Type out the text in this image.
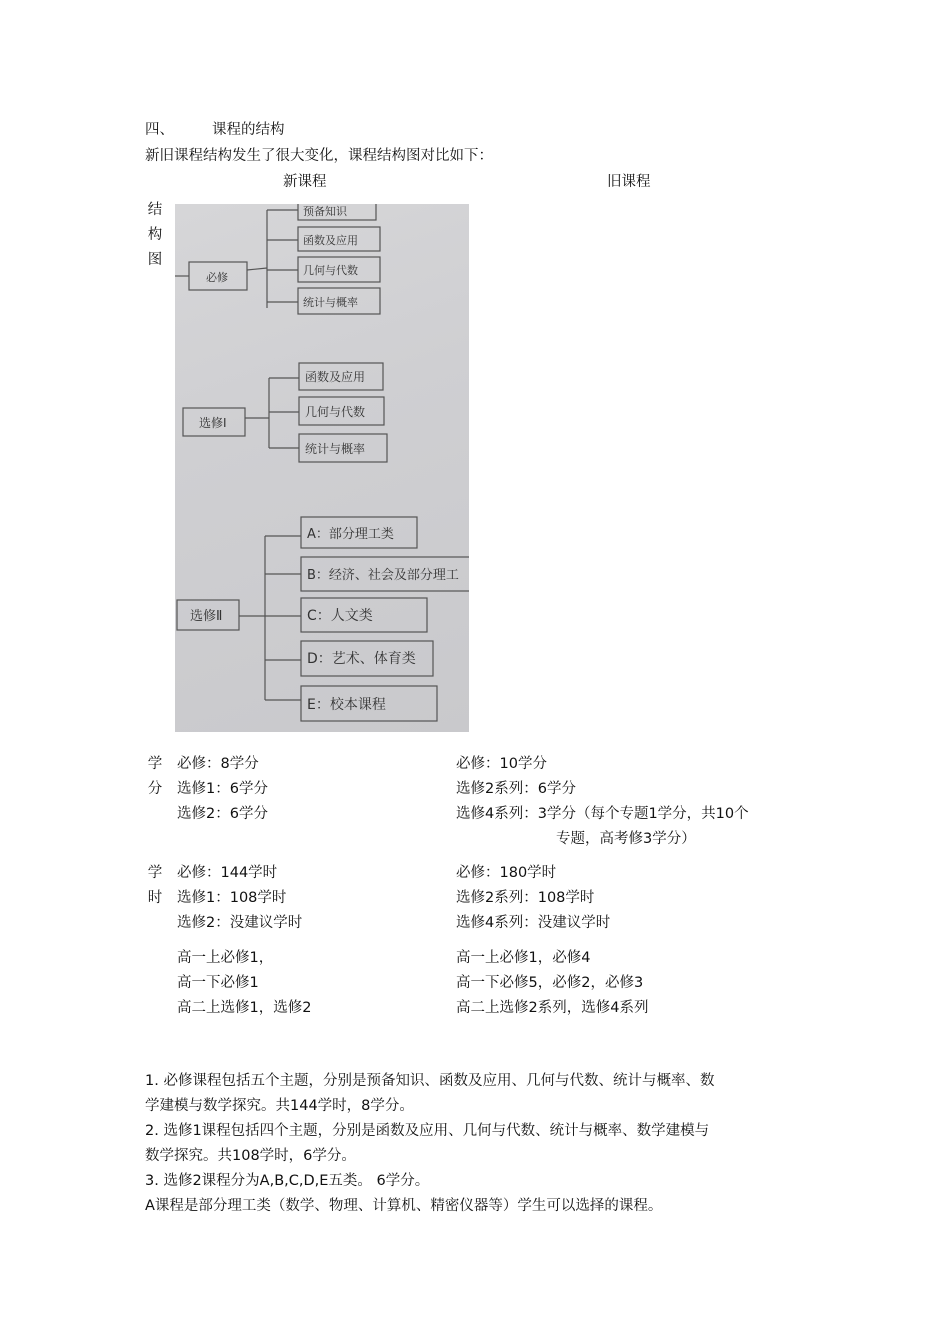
四、	课程的结构
新旧课程结构发生了很大变化，课程结构图对比如下：
新课程	旧课程
结
构
图
必修
预备知识
函数及应用
几何与代数
统计与概率
选修Ⅰ
函数及应用
几何与代数
统计与概率
选修Ⅱ
A：部分理工类
B：经济、社会及部分理工
C：人文类
D：艺术、体育类
E：校本课程
学
分
必修：8学分
选修1：6学分
选修2：6学分
必修：10学分
选修2系列：6学分
选修4系列：3学分（每个专题1学分，共10个
专题，高考修3学分）
学
时
必修：144学时
选修1：108学时
选修2：没建议学时
必修：180学时
选修2系列：108学时
选修4系列：没建议学时
高一上必修1，
高一下必修1
高二上选修1，选修2
高一上必修1，必修4
高一下必修5，必修2，必修3
高二上选修2系列，选修4系列
1. 必修课程包括五个主题，分别是预备知识、函数及应用、几何与代数、统计与概率、数
学建模与数学探究。共144学时，8学分。
2. 选修1课程包括四个主题，分别是函数及应用、几何与代数、统计与概率、数学建模与
数学探究。共108学时，6学分。
3. 选修2课程分为A,B,C,D,E五类。 6学分。
A课程是部分理工类（数学、物理、计算机、精密仪器等）学生可以选择的课程。
